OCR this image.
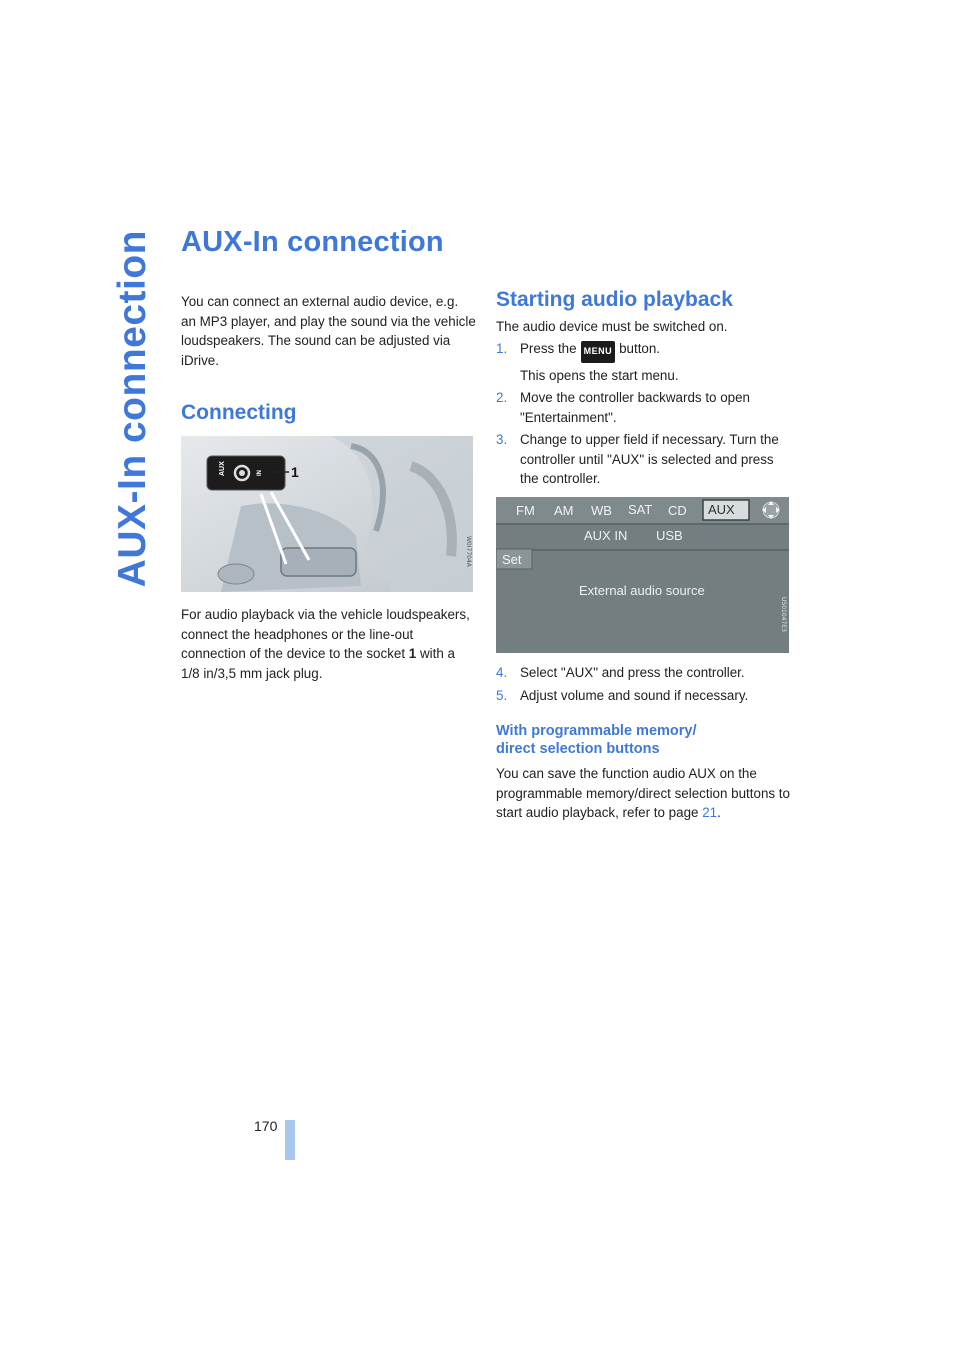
AUX-In connection
170
AUX-In connection

You can connect an external audio device, e.g. an MP3 player, and play the sound via the vehicle loudspeakers. The sound can be adjusted via iDrive.

Connecting
AUX	IN 1
W0I7704A

For audio playback via the vehicle loudspeakers, connect the headphones or the line-out connection of the device to the socket 1 with a 1/8 in/3,5 mm jack plug.

Starting audio playback

The audio device must be switched on.

1. Press the MENU button.
This opens the start menu.
2. Move the controller backwards to open "Entertainment".
3. Change to upper field if necessary. Turn the controller until "AUX" is selected and press the controller.
FM AM WB SAT CD AUX
AUX IN USB
Set
External audio source
US01047E3
4. Select "AUX" and press the controller.
5. Adjust volume and sound if necessary.
With programmable memory/
direct selection buttons

You can save the function audio AUX on the programmable memory/direct selection buttons to start audio playback, refer to page 21.
